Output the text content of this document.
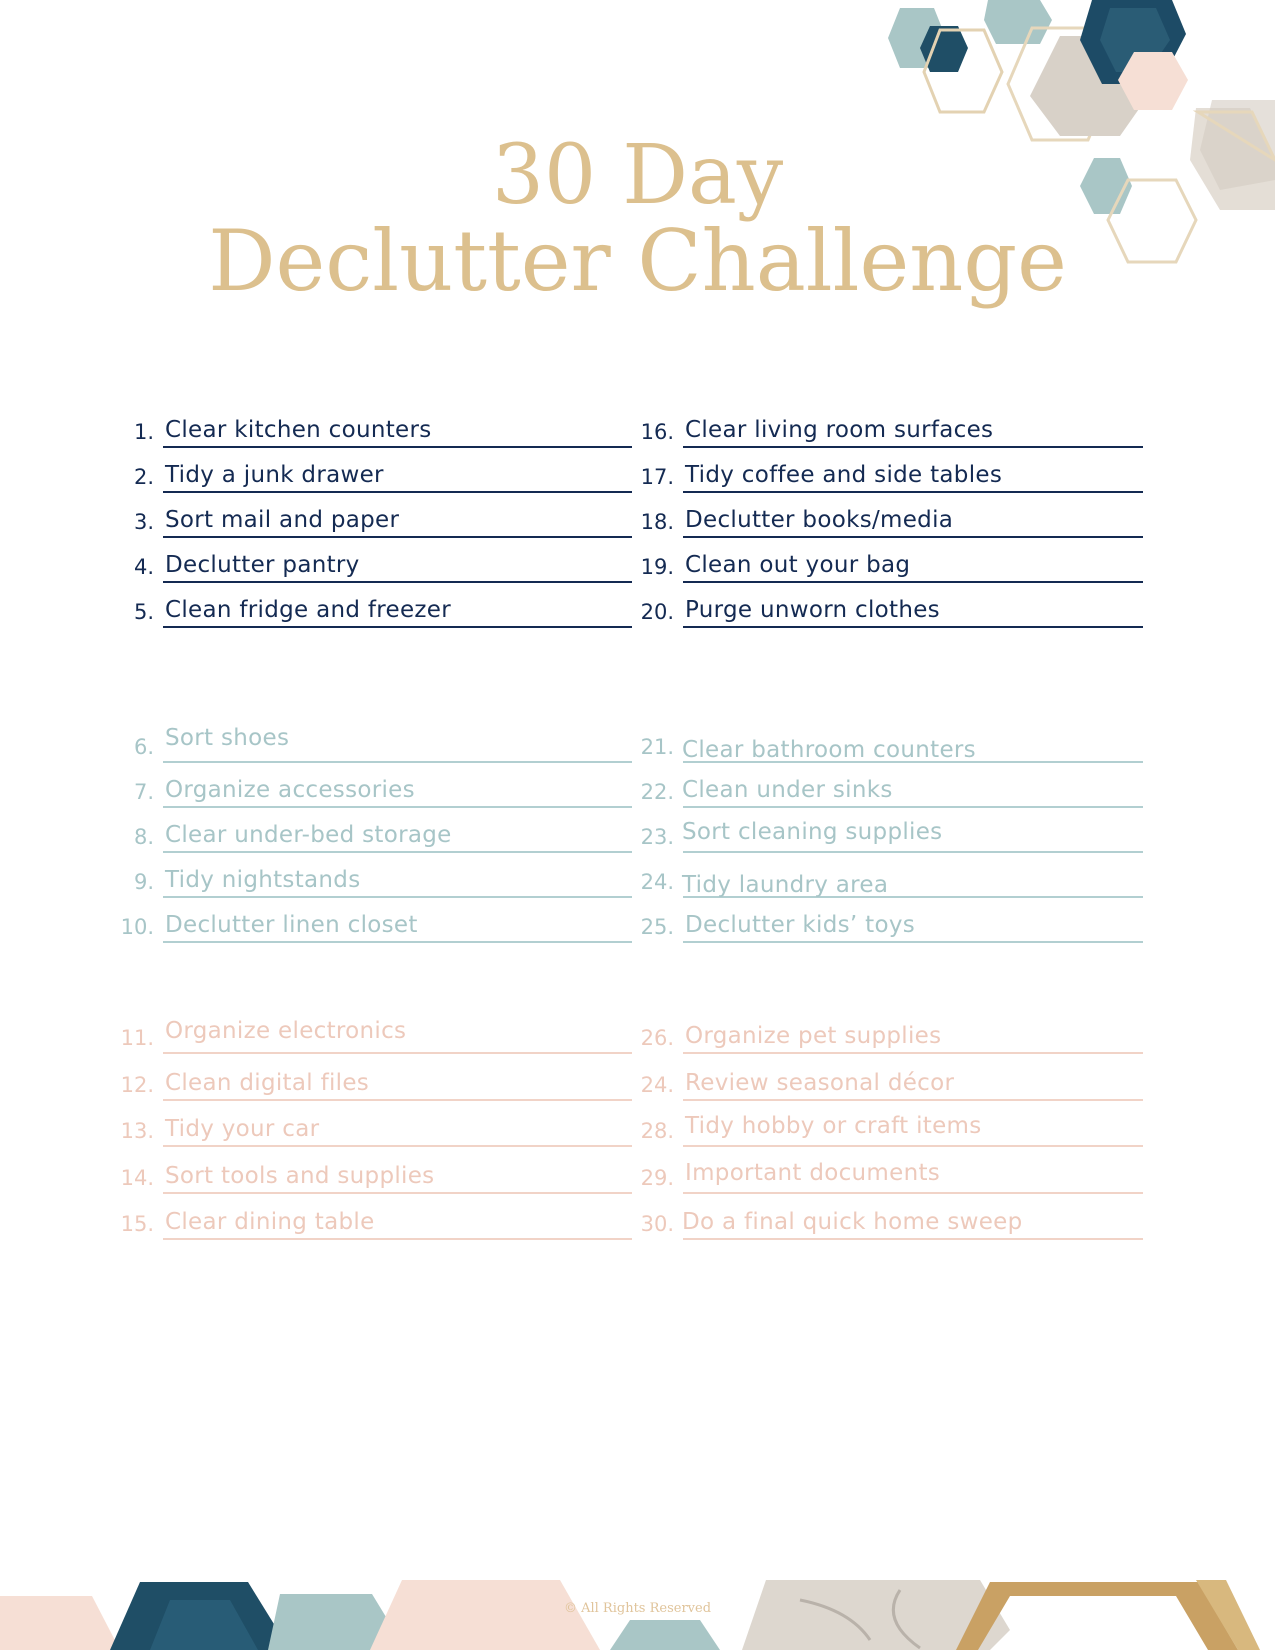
30 Day
Declutter Challenge
1. Clear kitchen counters
2. Tidy a junk drawer
3. Sort mail and paper
4. Declutter pantry
5. Clean fridge and freezer
16. Clear living room surfaces
17. Tidy coffee and side tables
18. Declutter books/media
19. Clean out your bag
20. Purge unworn clothes
6. Sort shoes
7. Organize accessories
8. Clear under-bed storage
9. Tidy nightstands
10. Declutter linen closet
21. Clear bathroom counters
22. Clean under sinks
23. Sort cleaning supplies
24. Tidy laundry area
25. Declutter kids’ toys
11. Organize electronics
12. Clean digital files
13. Tidy your car
14. Sort tools and supplies
15. Clear dining table
26. Organize pet supplies
24. Review seasonal décor
28. Tidy hobby or craft items
29. Important documents
30. Do a final quick home sweep
© All Rights Reserved
